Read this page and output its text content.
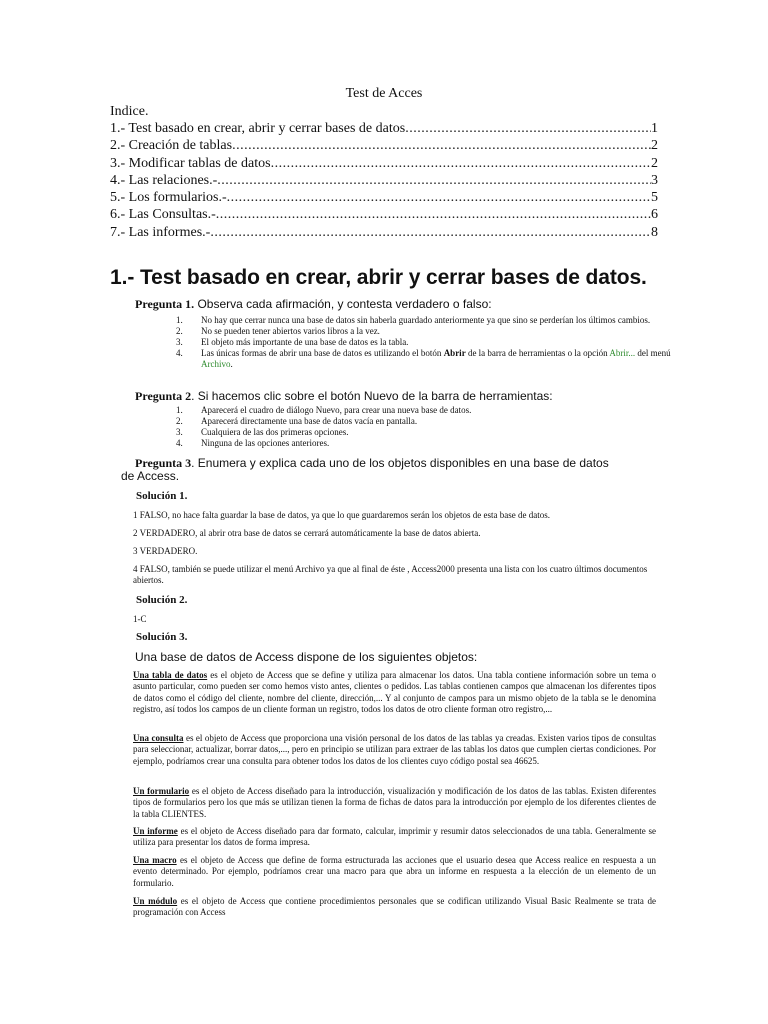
Test de Acces
Indice.
1.- Test basado en crear, abrir y cerrar bases de datos .....	1
2.- Creación de tablas .....	2
3.- Modificar tablas de datos .....	2
4.- Las relaciones.- .....	3
5.- Los formularios.- .....	5
6.- Las Consultas.- .....	6
7.- Las informes.- .....	8
1.- Test basado en crear, abrir y cerrar bases de datos.
Pregunta 1. Observa cada afirmación, y contesta verdadero o falso:
1.	No hay que cerrar nunca una base de datos sin haberla guardado anteriormente ya que sino se perderían los últimos cambios.
2.	No se pueden tener abiertos varios libros a la vez.
3.	El objeto más importante de una base de datos es la tabla.
4.	Las únicas formas de abrir una base de datos es utilizando el botón Abrir de la barra de herramientas o la opción Abrir... del menú Archivo.
Pregunta 2. Si hacemos clic sobre el botón Nuevo de la barra de herramientas:
1.	Aparecerá el cuadro de diálogo Nuevo, para crear una nueva base de datos.
2.	Aparecerá directamente una base de datos vacía en pantalla.
3.	Cualquiera de las dos primeras opciones.
4.	Ninguna de las opciones anteriores.
Pregunta 3. Enumera y explica cada uno de los objetos disponibles en una base de datos de Access.
Solución 1.
1 FALSO, no hace falta guardar la base de datos, ya que lo que guardaremos serán los objetos de esta base de datos.
2 VERDADERO, al abrir otra base de datos se cerrará automáticamente la base de datos abierta.
3 VERDADERO.
4 FALSO, también se puede utilizar el menú Archivo ya que al final de éste , Access2000 presenta una lista con los cuatro últimos documentos abiertos.
Solución 2.
1-C
Solución 3.
Una base de datos de Access dispone de los siguientes objetos:
Una tabla de datos es el objeto de Access que se define y utiliza para almacenar los datos. Una tabla contiene información sobre un tema o asunto particular, como pueden ser como hemos visto antes, clientes o pedidos. Las tablas contienen campos que almacenan los diferentes tipos de datos como el código del cliente, nombre del cliente, dirección,... Y al conjunto de campos para un mismo objeto de la tabla se le denomina registro, así todos los campos de un cliente forman un registro, todos los datos de otro cliente forman otro registro,...
Una consulta es el objeto de Access que proporciona una visión personal de los datos de las tablas ya creadas. Existen varios tipos de consultas para seleccionar, actualizar, borrar datos,..., pero en principio se utilizan para extraer de las tablas los datos que cumplen ciertas condiciones. Por ejemplo, podríamos crear una consulta para obtener todos los datos de los clientes cuyo código postal sea 46625.
Un formulario es el objeto de Access diseñado para la introducción, visualización y modificación de los datos de las tablas. Existen diferentes tipos de formularios pero los que más se utilizan tienen la forma de fichas de datos para la introducción por ejemplo de los diferentes clientes de la tabla CLIENTES.
Un informe es el objeto de Access diseñado para dar formato, calcular, imprimir y resumir datos seleccionados de una tabla. Generalmente se utiliza para presentar los datos de forma impresa.
Una macro es el objeto de Access que define de forma estructurada las acciones que el usuario desea que Access realice en respuesta a un evento determinado. Por ejemplo, podríamos crear una macro para que abra un informe en respuesta a la elección de un elemento de un formulario.
Un módulo es el objeto de Access que contiene procedimientos personales que se codifican utilizando Visual Basic Realmente se trata de programación con Access
